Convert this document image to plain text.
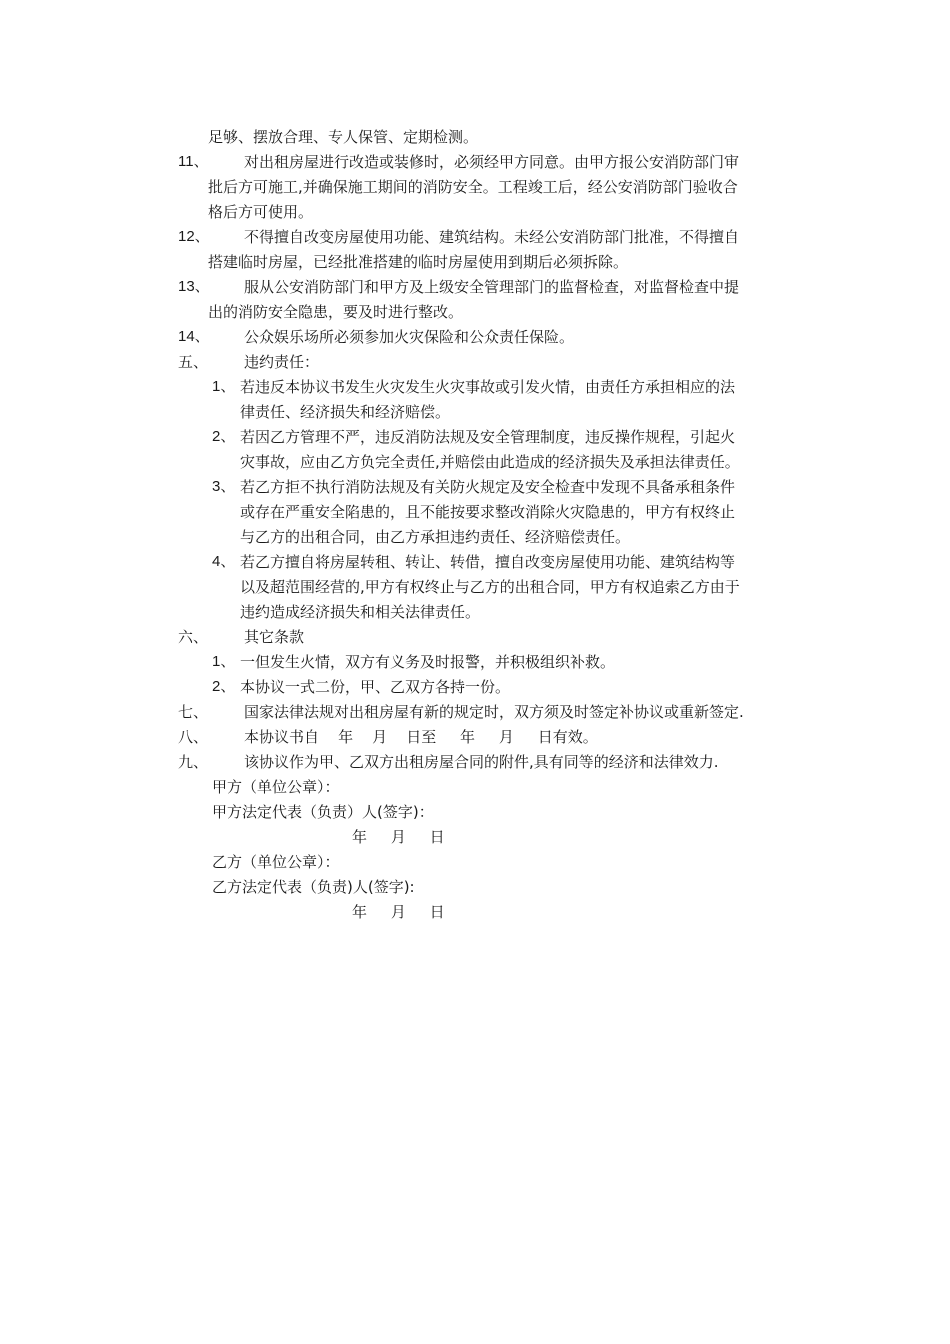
足够、摆放合理、专人保管、定期检测。
11、 对出租房屋进行改造或装修时，必须经甲方同意。由甲方报公安消防部门审
批后方可施工,并确保施工期间的消防安全。工程竣工后，经公安消防部门验收合
格后方可使用。
12、 不得擅自改变房屋使用功能、建筑结构。未经公安消防部门批准，不得擅自
搭建临时房屋，已经批准搭建的临时房屋使用到期后必须拆除。
13、 服从公安消防部门和甲方及上级安全管理部门的监督检查，对监督检查中提
出的消防安全隐患，要及时进行整改。
14、 公众娱乐场所必须参加火灾保险和公众责任保险。
五、 违约责任：
1、 若违反本协议书发生火灾发生火灾事故或引发火情，由责任方承担相应的法
律责任、经济损失和经济赔偿。
2、 若因乙方管理不严，违反消防法规及安全管理制度，违反操作规程，引起火
灾事故，应由乙方负完全责任,并赔偿由此造成的经济损失及承担法律责任。
3、 若乙方拒不执行消防法规及有关防火规定及安全检查中发现不具备承租条件
或存在严重安全陷患的，且不能按要求整改消除火灾隐患的，甲方有权终止
与乙方的出租合同，由乙方承担违约责任、经济赔偿责任。
4、 若乙方擅自将房屋转租、转让、转借，擅自改变房屋使用功能、建筑结构等
以及超范围经营的,甲方有权终止与乙方的出租合同，甲方有权追索乙方由于
违约造成经济损失和相关法律责任。
六、 其它条款
1、 一但发生火情，双方有义务及时报警，并积极组织补救。
2、 本协议一式二份，甲、乙双方各持一份。
七、 国家法律法规对出租房屋有新的规定时，双方须及时签定补协议或重新签定.
八、 本协议书自    年    月    日至     年     月     日有效。
九、 该协议作为甲、乙双方出租房屋合同的附件,具有同等的经济和法律效力.
甲方（单位公章）：
甲方法定代表（负责）人(签字)：
年     月     日
乙方（单位公章）：
乙方法定代表（负责)人(签字):
年     月     日
